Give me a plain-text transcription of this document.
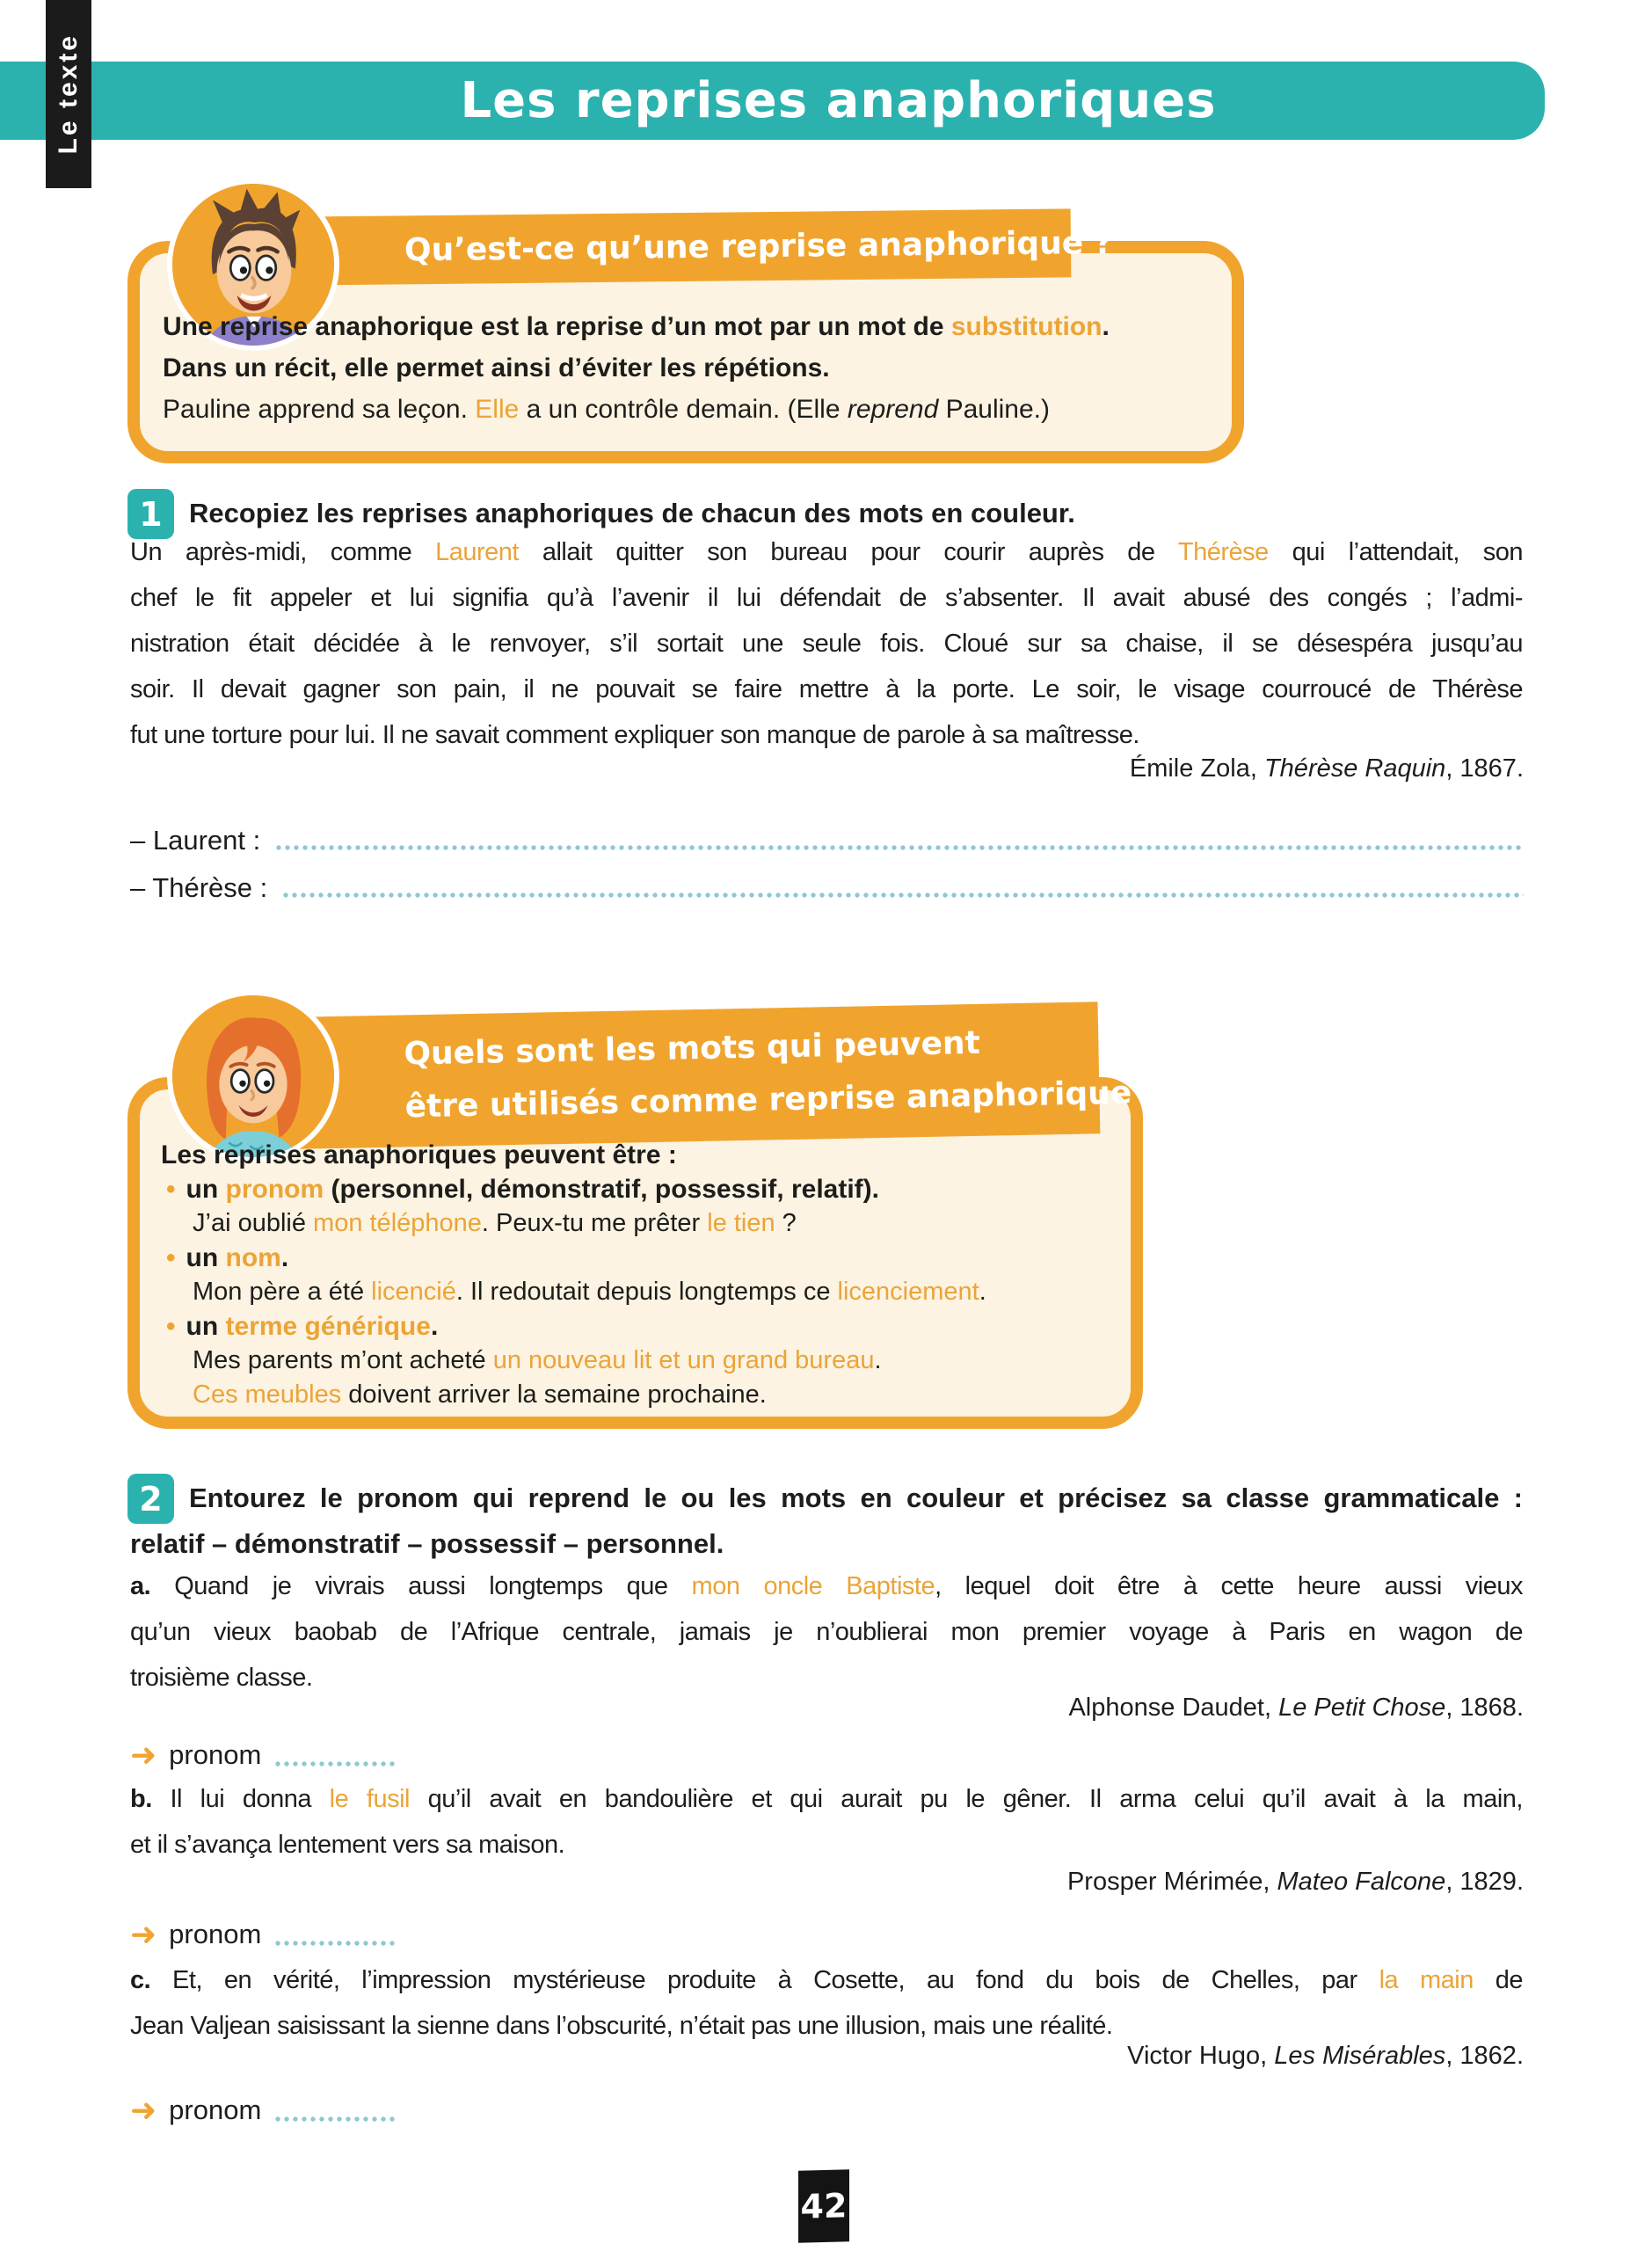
Les reprises anaphoriques
Le texte
Qu’est-ce qu’une reprise anaphorique ?
Une reprise anaphorique est la reprise d’un mot par un mot de substitution.
Dans un récit, elle permet ainsi d’éviter les répétions.
Pauline apprend sa leçon. Elle a un contrôle demain. (Elle reprend Pauline.)
1 Recopiez les reprises anaphoriques de chacun des mots en couleur.
Un après-midi, comme Laurent allait quitter son bureau pour courir auprès de Thérèse qui l’attendait, son
chef le fit appeler et lui signifia qu’à l’avenir il lui défendait de s’absenter. Il avait abusé des congés ; l’admi-
nistration était décidée à le renvoyer, s’il sortait une seule fois. Cloué sur sa chaise, il se désespéra jusqu’au
soir. Il devait gagner son pain, il ne pouvait se faire mettre à la porte. Le soir, le visage courroucé de Thérèse
fut une torture pour lui. Il ne savait comment expliquer son manque de parole à sa maîtresse.
Émile Zola, Thérèse Raquin, 1867.
– Laurent :
– Thérèse :
Quels sont les mots qui peuvent
être utilisés comme reprise anaphorique ?
Les reprises anaphoriques peuvent être :
• un pronom (personnel, démonstratif, possessif, relatif).
J’ai oublié mon téléphone. Peux-tu me prêter le tien ?
• un nom.
Mon père a été licencié. Il redoutait depuis longtemps ce licenciement.
• un terme générique.
Mes parents m’ont acheté un nouveau lit et un grand bureau.
Ces meubles doivent arriver la semaine prochaine.
2 Entourez le pronom qui reprend le ou les mots en couleur et précisez sa classe grammaticale :
relatif – démonstratif – possessif – personnel.
a. Quand je vivrais aussi longtemps que mon oncle Baptiste, lequel doit être à cette heure aussi vieux
qu’un vieux baobab de l’Afrique centrale, jamais je n’oublierai mon premier voyage à Paris en wagon de
troisième classe.
Alphonse Daudet, Le Petit Chose, 1868.
➜ pronom
b. Il lui donna le fusil qu’il avait en bandoulière et qui aurait pu le gêner. Il arma celui qu’il avait à la main,
et il s’avança lentement vers sa maison.
Prosper Mérimée, Mateo Falcone, 1829.
➜ pronom
c. Et, en vérité, l’impression mystérieuse produite à Cosette, au fond du bois de Chelles, par la main de
Jean Valjean saisissant la sienne dans l’obscurité, n’était pas une illusion, mais une réalité.
Victor Hugo, Les Misérables, 1862.
➜ pronom
42
